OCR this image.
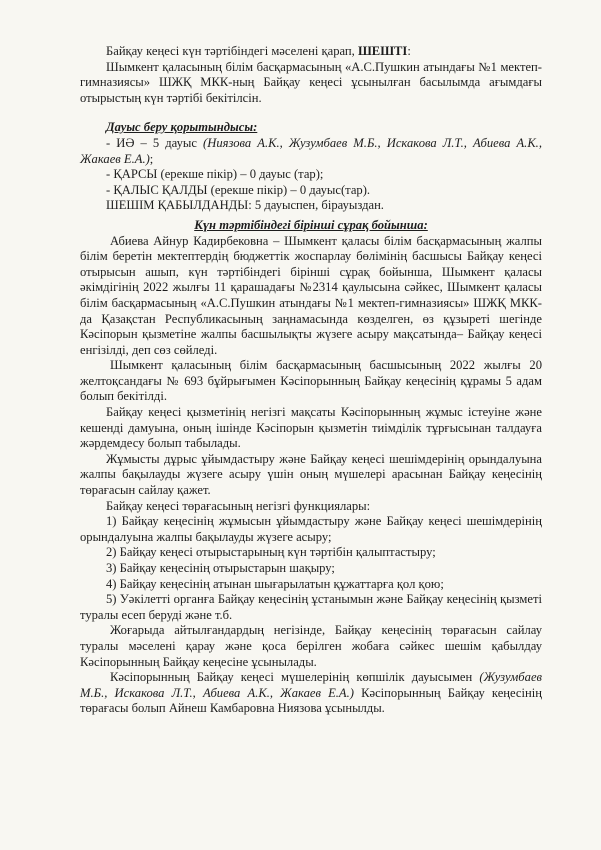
Байқау кеңесі күн тәртібіндегі мәселені қарап, ШЕШТІ:

Шымкент қаласының білім басқармасының «А.С.Пушкин атындағы №1 мектеп-гимназиясы» ШЖҚ МКК-ның Байқау кеңесі ұсынылған басылымда ағымдағы отырыстың күн тәртібі бекітілсін.

Дауыс беру қорытындысы:

- ИӘ – 5 дауыс (Ниязова А.К., Жузумбаев М.Б., Искакова Л.Т., Абиева А.К., Жакаев Е.А.);

- ҚАРСЫ (ерекше пікір) – 0 дауыс (тар);

- ҚАЛЫС ҚАЛДЫ (ерекше пікір) – 0 дауыс(тар).

ШЕШІМ ҚАБЫЛДАНДЫ: 5 дауыспен, бірауыздан.

Күн тәртібіндегі бірінші сұрақ бойынша:

Абиева Айнур Кадирбековна – Шымкент қаласы білім басқармасының жалпы білім беретін мектептердің бюджеттік жоспарлау бөлімінің басшысы Байқау кеңесі отырысын ашып, күн тәртібіндегі бірінші сұрақ бойынша, Шымкент қаласы әкімдігінің 2022 жылғы 11 қарашадағы №2314 қаулысына сәйкес, Шымкент қаласы білім басқармасының «А.С.Пушкин атындағы №1 мектеп-гимназиясы» ШЖҚ МКК-да Қазақстан Республикасының заңнамасында көзделген, өз құзыреті шегінде Кәсіпорын қызметіне жалпы басшылықты жүзеге асыру мақсатында– Байқау кеңесі енгізілді, деп сөз сөйледі.

Шымкент қаласының білім басқармасының басшысының 2022 жылғы 20 желтоқсандағы № 693 бұйрығымен Кәсіпорынның Байқау кеңесінің құрамы 5 адам болып бекітілді.

Байқау кеңесі қызметінің негізгі мақсаты Кәсіпорынның жұмыс істеуіне және кешенді дамуына, оның ішінде Кәсіпорын қызметін тиімділік тұрғысынан талдауға жәрдемдесу болып табылады.

Жұмысты дұрыс ұйымдастыру және Байқау кеңесі шешімдерінің орындалуына жалпы бақылауды жүзеге асыру үшін оның мүшелері арасынан Байқау кеңесінің төрағасын сайлау қажет.

Байқау кеңесі төрағасының негізгі функциялары:

1) Байқау кеңесінің жұмысын ұйымдастыру және Байқау кеңесі шешімдерінің орындалуына жалпы бақылауды жүзеге асыру;

2) Байқау кеңесі отырыстарының күн тәртібін қалыптастыру;

3) Байқау кеңесінің отырыстарын шақыру;

4) Байқау кеңесінің атынан шығарылатын құжаттарға қол қою;

5) Уәкілетті органға Байқау кеңесінің ұстанымын және Байқау кеңесінің қызметі туралы есеп беруді және т.б.

Жоғарыда айтылғандардың негізінде, Байқау кеңесінің төрағасын сайлау туралы мәселені қарау және қоса берілген жобаға сәйкес шешім қабылдау Кәсіпорынның Байқау кеңесіне ұсынылады.

Кәсіпорынның Байқау кеңесі мүшелерінің көпшілік дауысымен (Жузумбаев М.Б., Искакова Л.Т., Абиева А.К., Жакаев Е.А.) Кәсіпорынның Байқау кеңесінің төрағасы болып Айнеш Камбаровна Ниязова ұсынылды.
